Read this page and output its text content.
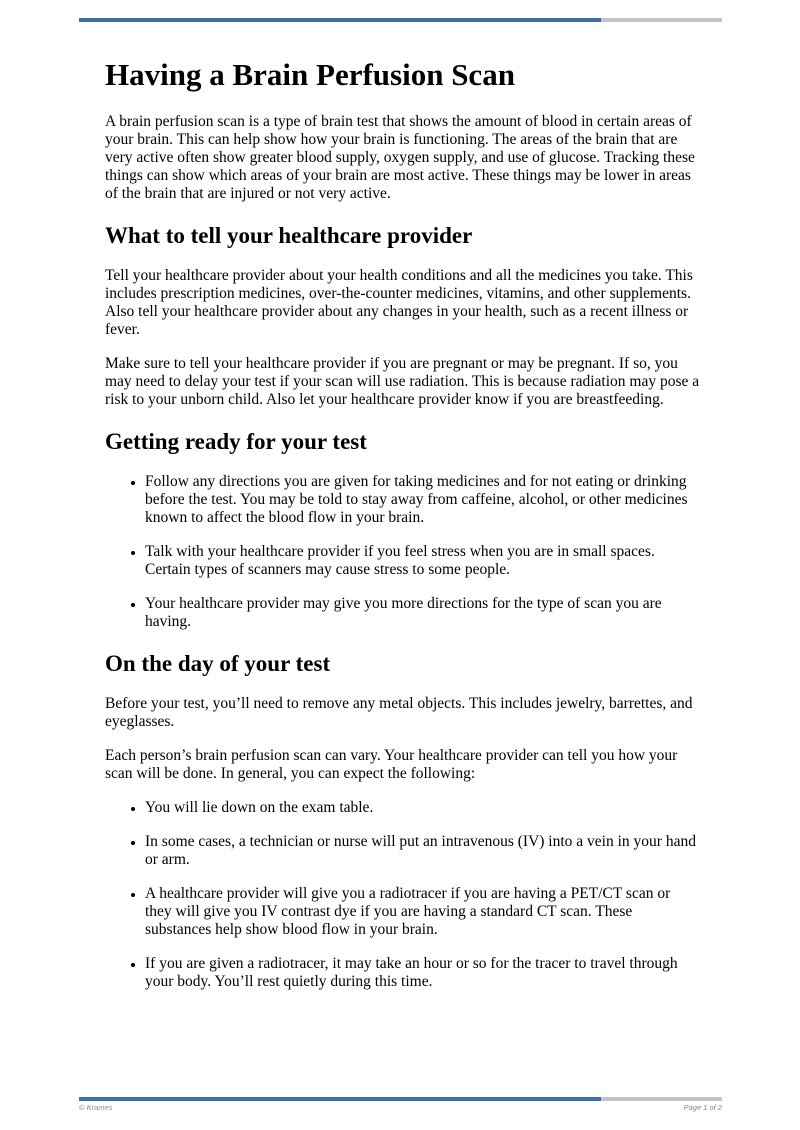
Having a Brain Perfusion Scan

A brain perfusion scan is a type of brain test that shows the amount of blood in certain areas of your brain. This can help show how your brain is functioning. The areas of the brain that are very active often show greater blood supply, oxygen supply, and use of glucose. Tracking these things can show which areas of your brain are most active. These things may be lower in areas of the brain that are injured or not very active.

What to tell your healthcare provider

Tell your healthcare provider about your health conditions and all the medicines you take. This includes prescription medicines, over-the-counter medicines, vitamins, and other supplements. Also tell your healthcare provider about any changes in your health, such as a recent illness or fever.

Make sure to tell your healthcare provider if you are pregnant or may be pregnant. If so, you may need to delay your test if your scan will use radiation. This is because radiation may pose a risk to your unborn child. Also let your healthcare provider know if you are breastfeeding.

Getting ready for your test
• Follow any directions you are given for taking medicines and for not eating or drinking before the test. You may be told to stay away from caffeine, alcohol, or other medicines known to affect the blood flow in your brain.
• Talk with your healthcare provider if you feel stress when you are in small spaces. Certain types of scanners may cause stress to some people.
• Your healthcare provider may give you more directions for the type of scan you are having.
On the day of your test

Before your test, you’ll need to remove any metal objects. This includes jewelry, barrettes, and eyeglasses.

Each person’s brain perfusion scan can vary. Your healthcare provider can tell you how your scan will be done. In general, you can expect the following:

• You will lie down on the exam table.
• In some cases, a technician or nurse will put an intravenous (IV) into a vein in your hand or arm.
• A healthcare provider will give you a radiotracer if you are having a PET/CT scan or they will give you IV contrast dye if you are having a standard CT scan. These substances help show blood flow in your brain.
• If you are given a radiotracer, it may take an hour or so for the tracer to travel through your body. You’ll rest quietly during this time.
© Krames	Page 1 of 2
